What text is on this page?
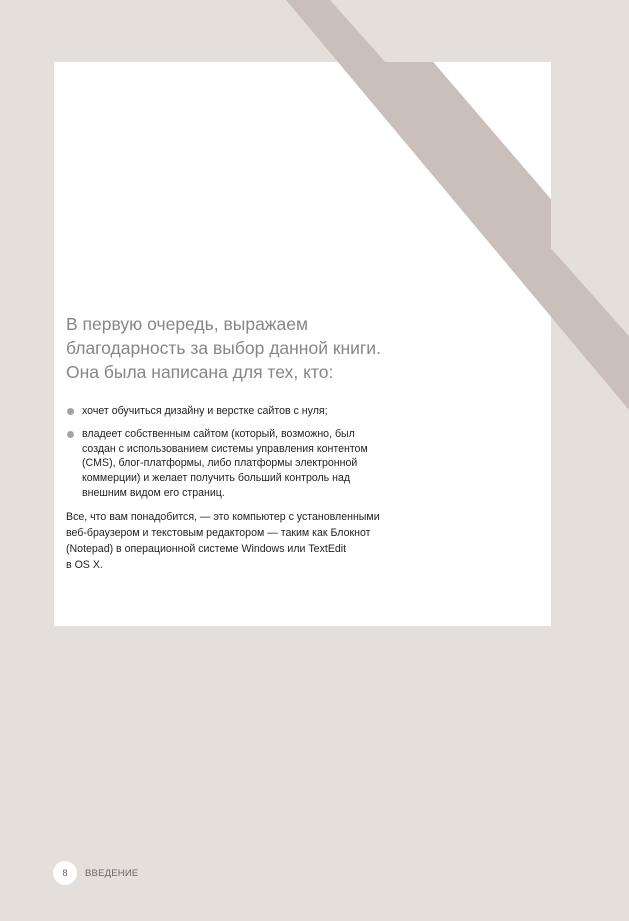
В первую очередь, выражаем
благодарность за выбор данной книги.
Она была написана для тех, кто:
хочет обучиться дизайну и верстке сайтов с нуля;
владеет собственным сайтом (который, возможно, был
создан с использованием системы управления контентом
(CMS), блог-платформы, либо платформы электронной
коммерции) и желает получить больший контроль над
внешним видом его страниц.

Все, что вам понадобится, — это компьютер с установленными
веб-браузером и текстовым редактором — таким как Блокнот
(Notepad) в операционной системе Windows или TextEdit
в OS X.

8	ВВЕДЕНИЕ
